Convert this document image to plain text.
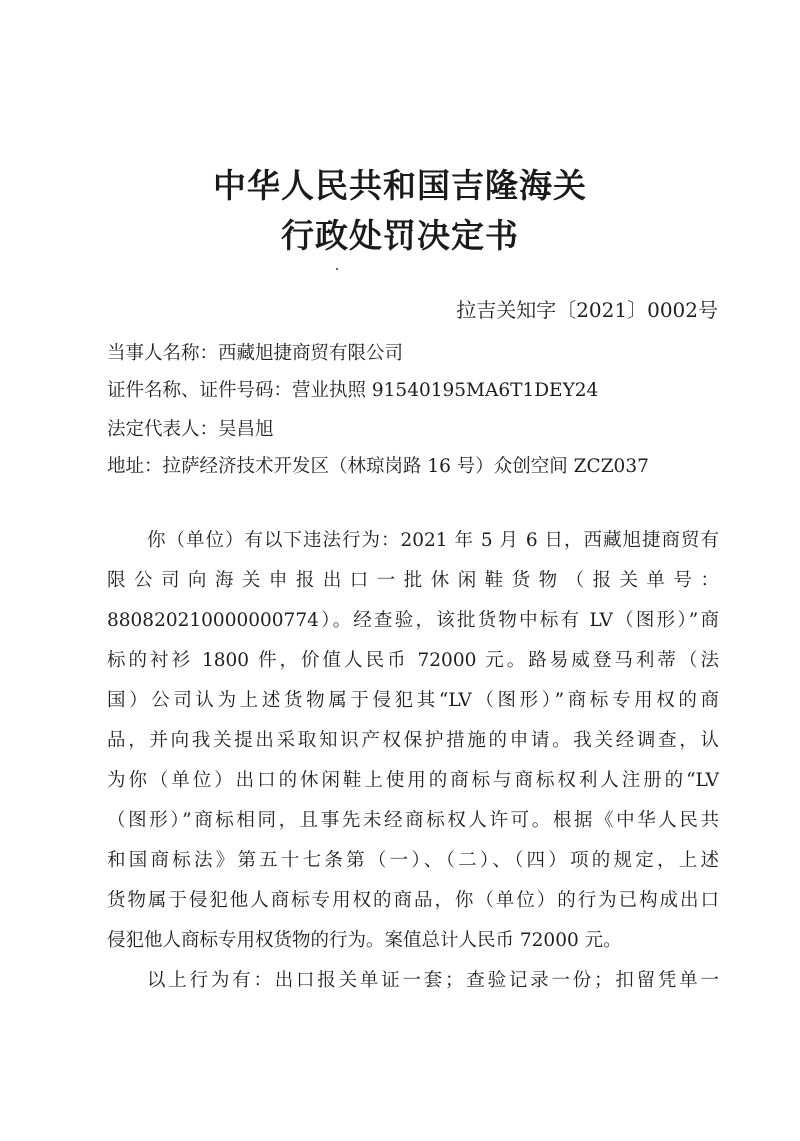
中华人民共和国吉隆海关
行政处罚决定书
拉吉关知字〔2021〕0002号
当事人名称：西藏旭捷商贸有限公司
证件名称、证件号码：营业执照 91540195MA6T1DEY24
法定代表人：吴昌旭
地址：拉萨经济技术开发区（林琼岗路 16 号）众创空间 ZCZ037
你（单位）有以下违法行为：2021 年 5 月 6 日，西藏旭捷商贸有
限公司向海关申报出口一批休闲鞋货物（报关单号：
880820210000000774）。经查验，该批货物中标有 LV（图形）”商
标的衬衫 1800 件，价值人民币 72000 元。路易威登马利蒂（法
国）公司认为上述货物属于侵犯其“LV（图形）”商标专用权的商
品，并向我关提出采取知识产权保护措施的申请。我关经调查，认
为你（单位）出口的休闲鞋上使用的商标与商标权利人注册的“LV
（图形）”商标相同，且事先未经商标权人许可。根据《中华人民共
和国商标法》第五十七条第（一）、（二）、（四）项的规定，上述
货物属于侵犯他人商标专用权的商品，你（单位）的行为已构成出口
侵犯他人商标专用权货物的行为。案值总计人民币 72000 元。
以上行为有：出口报关单证一套；查验记录一份；扣留凭单一
